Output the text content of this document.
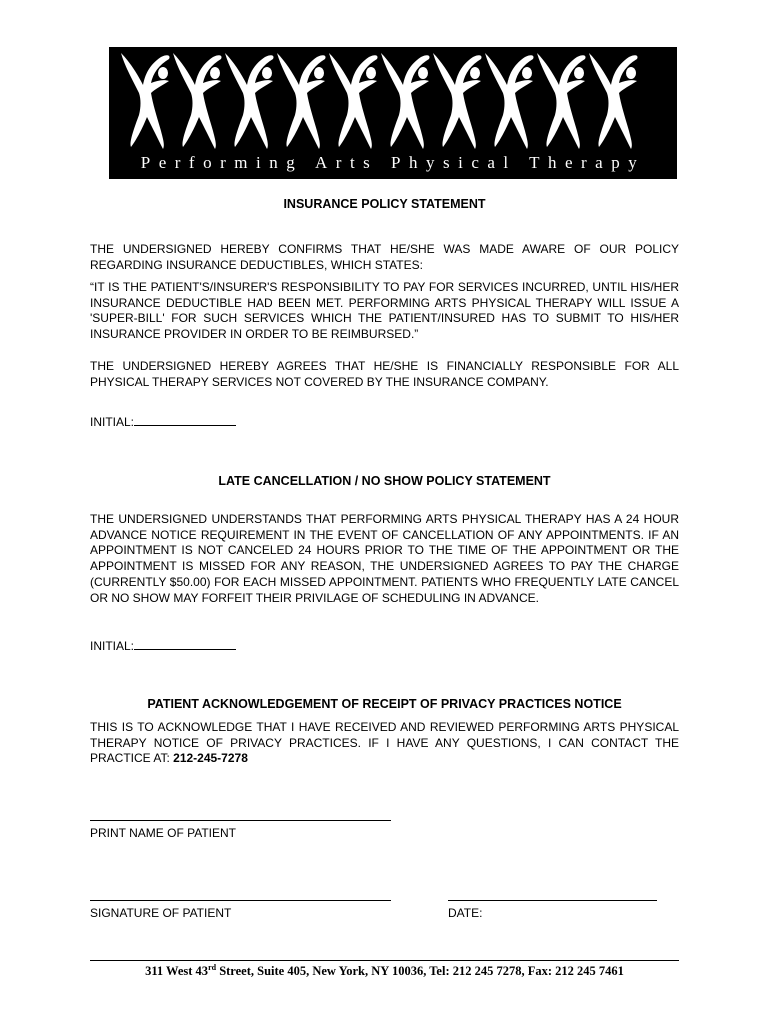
Performing Arts Physical Therapy
INSURANCE POLICY STATEMENT
THE UNDERSIGNED HEREBY CONFIRMS THAT HE/SHE WAS MADE AWARE OF OUR POLICY REGARDING INSURANCE DEDUCTIBLES, WHICH STATES:
“IT IS THE PATIENT'S/INSURER'S RESPONSIBILITY TO PAY FOR SERVICES INCURRED, UNTIL HIS/HER INSURANCE DEDUCTIBLE HAD BEEN MET. PERFORMING ARTS PHYSICAL THERAPY WILL ISSUE A 'SUPER-BILL' FOR SUCH SERVICES WHICH THE PATIENT/INSURED HAS TO SUBMIT TO HIS/HER INSURANCE PROVIDER IN ORDER TO BE REIMBURSED.”
THE UNDERSIGNED HEREBY AGREES THAT HE/SHE IS FINANCIALLY RESPONSIBLE FOR ALL PHYSICAL THERAPY SERVICES NOT COVERED BY THE INSURANCE COMPANY.
INITIAL:
LATE CANCELLATION / NO SHOW POLICY STATEMENT
THE UNDERSIGNED UNDERSTANDS THAT PERFORMING ARTS PHYSICAL THERAPY HAS A 24 HOUR ADVANCE NOTICE REQUIREMENT IN THE EVENT OF CANCELLATION OF ANY APPOINTMENTS. IF AN APPOINTMENT IS NOT CANCELED 24 HOURS PRIOR TO THE TIME OF THE APPOINTMENT OR THE APPOINTMENT IS MISSED FOR ANY REASON, THE UNDERSIGNED AGREES TO PAY THE CHARGE (CURRENTLY $50.00) FOR EACH MISSED APPOINTMENT. PATIENTS WHO FREQUENTLY LATE CANCEL OR NO SHOW MAY FORFEIT THEIR PRIVILAGE OF SCHEDULING IN ADVANCE.
INITIAL:
PATIENT ACKNOWLEDGEMENT OF RECEIPT OF PRIVACY PRACTICES NOTICE
THIS IS TO ACKNOWLEDGE THAT I HAVE RECEIVED AND REVIEWED PERFORMING ARTS PHYSICAL THERAPY NOTICE OF PRIVACY PRACTICES. IF I HAVE ANY QUESTIONS, I CAN CONTACT THE PRACTICE AT: 212-245-7278
PRINT NAME OF PATIENT
SIGNATURE OF PATIENT	DATE:
311 West 43rd Street, Suite 405, New York, NY 10036, Tel: 212 245 7278, Fax: 212 245 7461
